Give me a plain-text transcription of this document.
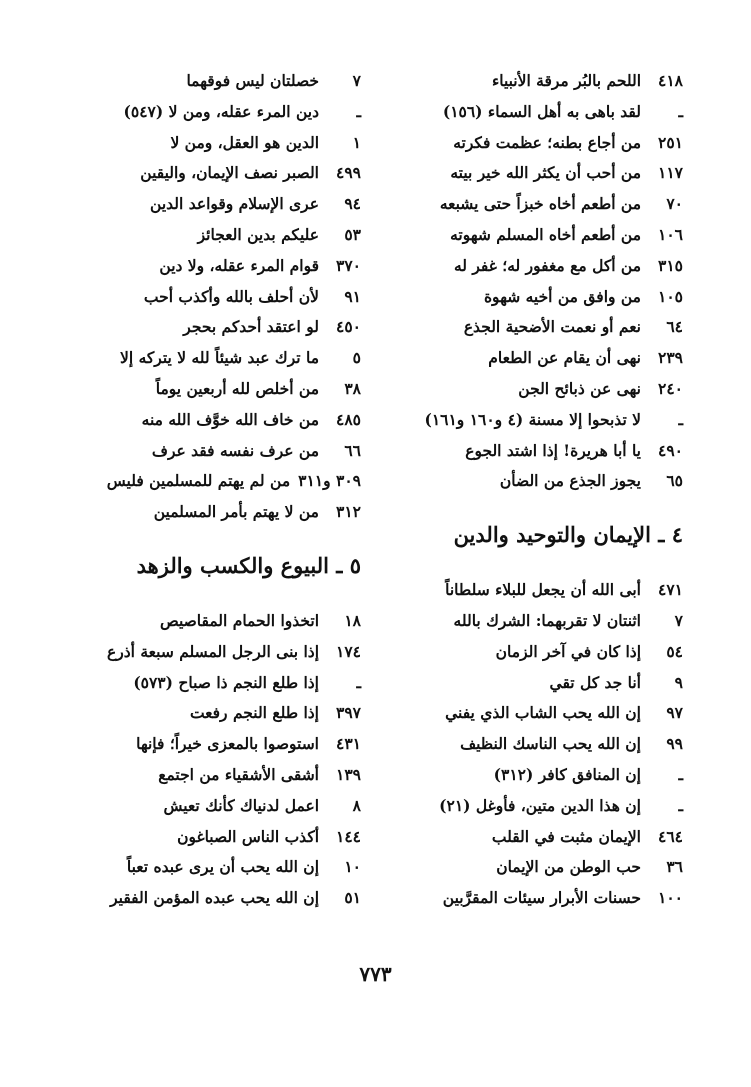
٤١٨
اللحم بالبُر مرقة الأنبياء
ـ
لقد باهى به أهل السماء (١٥٦)
٢٥١
من أجاع بطنه؛ عظمت فكرته
١١٧
من أحب أن يكثر الله خير بيته
٧٠
من أطعم أخاه خبزاً حتى يشبعه
١٠٦
من أطعم أخاه المسلم شهوته
٣١٥
من أكل مع مغفور له؛ غفر له
١٠٥
من وافق من أخيه شهوة
٦٤
نعم أو نعمت الأضحية الجذع
٢٣٩
نهى أن يقام عن الطعام
٢٤٠
نهى عن ذبائح الجن
ـ
لا تذبحوا إلا مسنة (٤ و١٦٠ و١٦١)
٤٩٠
يا أبا هريرة! إذا اشتد الجوع
٦٥
يجوز الجذع من الضأن
٤ ـ الإيمان والتوحيد والدين
٤٧١
أبى الله أن يجعل للبلاء سلطاناً
٧
اثنتان لا تقربهما: الشرك بالله
٥٤
إذا كان في آخر الزمان
٩
أنا جد كل تقي
٩٧
إن الله يحب الشاب الذي يفني
٩٩
إن الله يحب الناسك النظيف
ـ
إن المنافق كافر (٣١٢)
ـ
إن هذا الدين متين، فأوغل (٢١)
٤٦٤
الإيمان مثبت في القلب
٣٦
حب الوطن من الإيمان
١٠٠
حسنات الأبرار سيئات المقرَّبين
٧
خصلتان ليس فوقهما
ـ
دين المرء عقله، ومن لا (٥٤٧)
١
الدين هو العقل، ومن لا
٤٩٩
الصبر نصف الإيمان، واليقين
٩٤
عرى الإسلام وقواعد الدين
٥٣
عليكم بدين العجائز
٣٧٠
قوام المرء عقله، ولا دين
٩١
لأن أحلف بالله وأكذب أحب
٤٥٠
لو اعتقد أحدكم بحجر
٥
ما ترك عبد شيئاً لله لا يتركه إلا
٣٨
من أخلص لله أربعين يوماً
٤٨٥
من خاف الله خوَّف الله منه
٦٦
من عرف نفسه فقد عرف
٣٠٩ و٣١١
من لم يهتم للمسلمين فليس
٣١٢
من لا يهتم بأمر المسلمين
٥ ـ البيوع والكسب والزهد
١٨
اتخذوا الحمام المقاصيص
١٧٤
إذا بنى الرجل المسلم سبعة أذرع
ـ
إذا طلع النجم ذا صباح (٥٧٣)
٣٩٧
إذا طلع النجم رفعت
٤٣١
استوصوا بالمعزى خيراً؛ فإنها
١٣٩
أشقى الأشقياء من اجتمع
٨
اعمل لدنياك كأنك تعيش
١٤٤
أكذب الناس الصباغون
١٠
إن الله يحب أن يرى عبده تعباً
٥١
إن الله يحب عبده المؤمن الفقير
٧٧٣
